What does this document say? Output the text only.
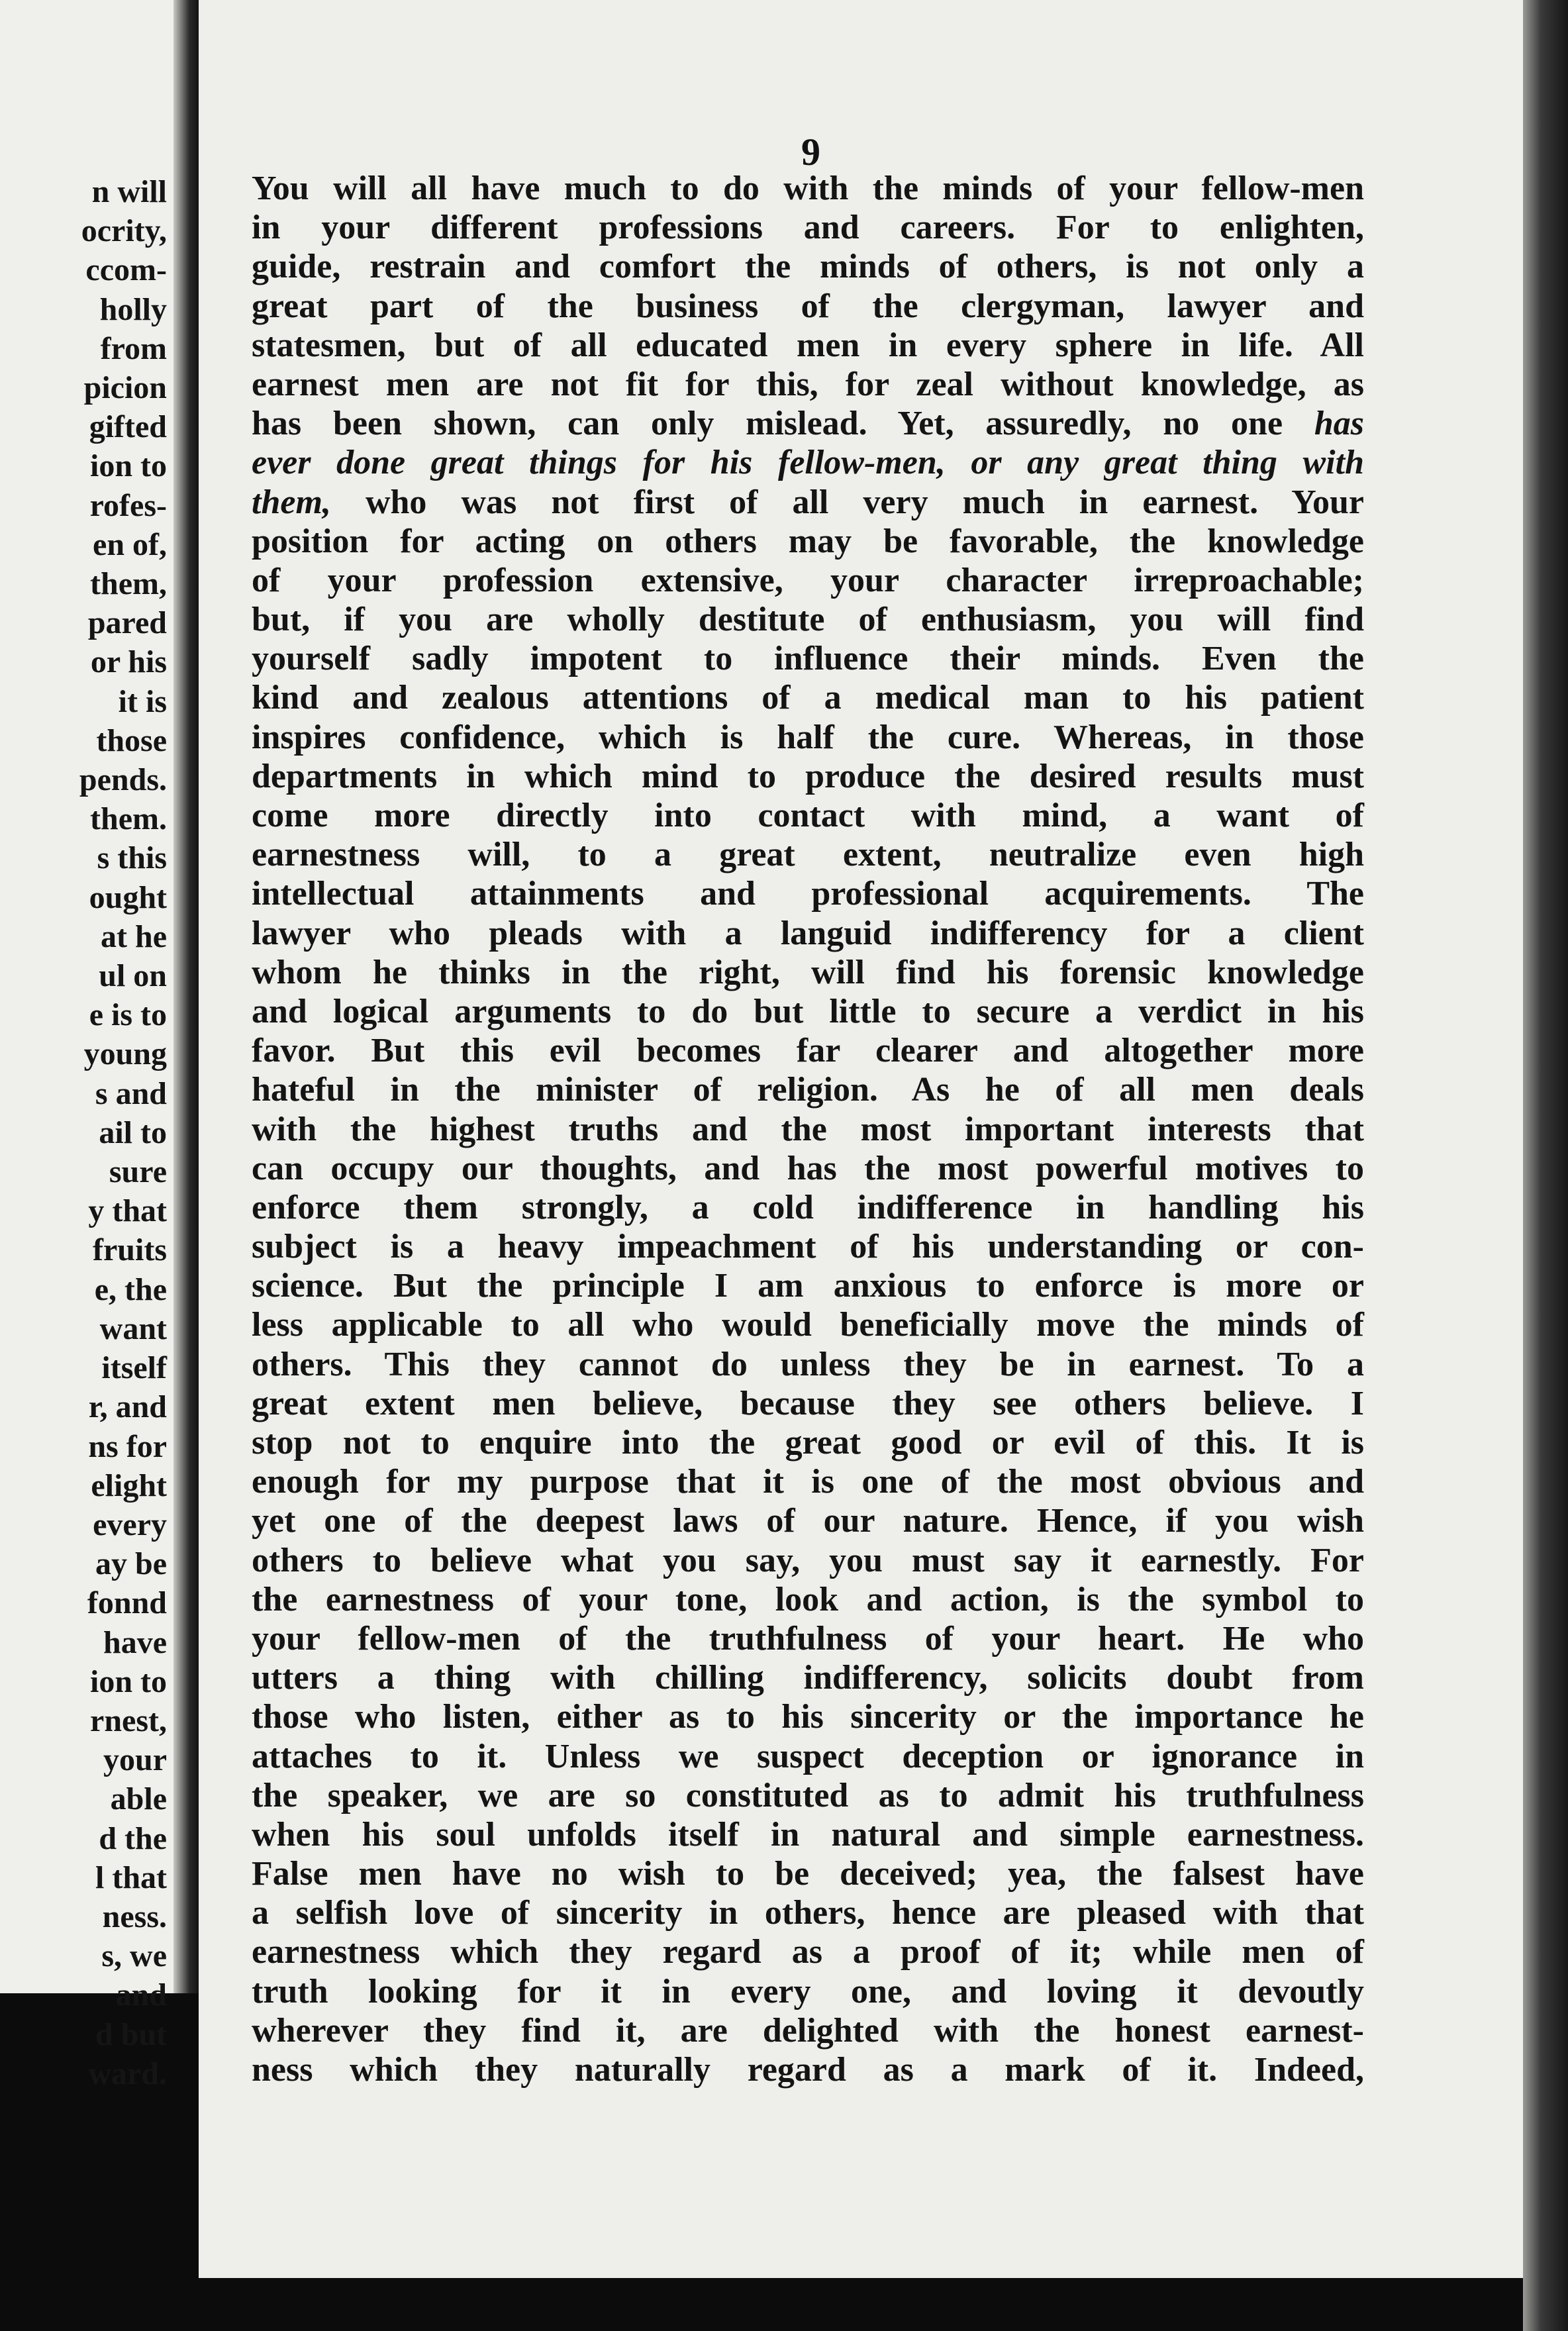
n will
ocrity,
ccom-
holly
from
picion
gifted
ion to
rofes-
en of,
them,
pared
or his
it is
those
pends.
them.
s this
ought
at he
ul on
e is to
young
s and
ail to
sure
y that
fruits
e, the
want
itself
r, and
ns for
elight
every
ay be
fonnd
have
ion to
rnest,
your
able
d the
l that
ness.
s, we
and
d but
ward.

9

You will all have much to do with the minds of your fellow-men
in your different professions and careers. For to enlighten,
guide, restrain and comfort the minds of others, is not only a
great part of the business of the clergyman, lawyer and
statesmen, but of all educated men in every sphere in life. All
earnest men are not fit for this, for zeal without knowledge, as
has been shown, can only mislead. Yet, assuredly, no one has
ever done great things for his fellow-men, or any great thing with
them, who was not first of all very much in earnest. Your
position for acting on others may be favorable, the knowledge
of your profession extensive, your character irreproachable;
but, if you are wholly destitute of enthusiasm, you will find
yourself sadly impotent to influence their minds. Even the
kind and zealous attentions of a medical man to his patient
inspires confidence, which is half the cure. Whereas, in those
departments in which mind to produce the desired results must
come more directly into contact with mind, a want of
earnestness will, to a great extent, neutralize even high
intellectual attainments and professional acquirements. The
lawyer who pleads with a languid indifferency for a client
whom he thinks in the right, will find his forensic knowledge
and logical arguments to do but little to secure a verdict in his
favor. But this evil becomes far clearer and altogether more
hateful in the minister of religion. As he of all men deals
with the highest truths and the most important interests that
can occupy our thoughts, and has the most powerful motives to
enforce them strongly, a cold indifference in handling his
subject is a heavy impeachment of his understanding or con-
science. But the principle I am anxious to enforce is more or
less applicable to all who would beneficially move the minds of
others. This they cannot do unless they be in earnest. To a
great extent men believe, because they see others believe. I
stop not to enquire into the great good or evil of this. It is
enough for my purpose that it is one of the most obvious and
yet one of the deepest laws of our nature. Hence, if you wish
others to believe what you say, you must say it earnestly. For
the earnestness of your tone, look and action, is the symbol to
your fellow-men of the truthfulness of your heart. He who
utters a thing with chilling indifferency, solicits doubt from
those who listen, either as to his sincerity or the importance he
attaches to it. Unless we suspect deception or ignorance in
the speaker, we are so constituted as to admit his truthfulness
when his soul unfolds itself in natural and simple earnestness.
False men have no wish to be deceived; yea, the falsest have
a selfish love of sincerity in others, hence are pleased with that
earnestness which they regard as a proof of it; while men of
truth looking for it in every one, and loving it devoutly
wherever they find it, are delighted with the honest earnest-
ness which they naturally regard as a mark of it. Indeed,
